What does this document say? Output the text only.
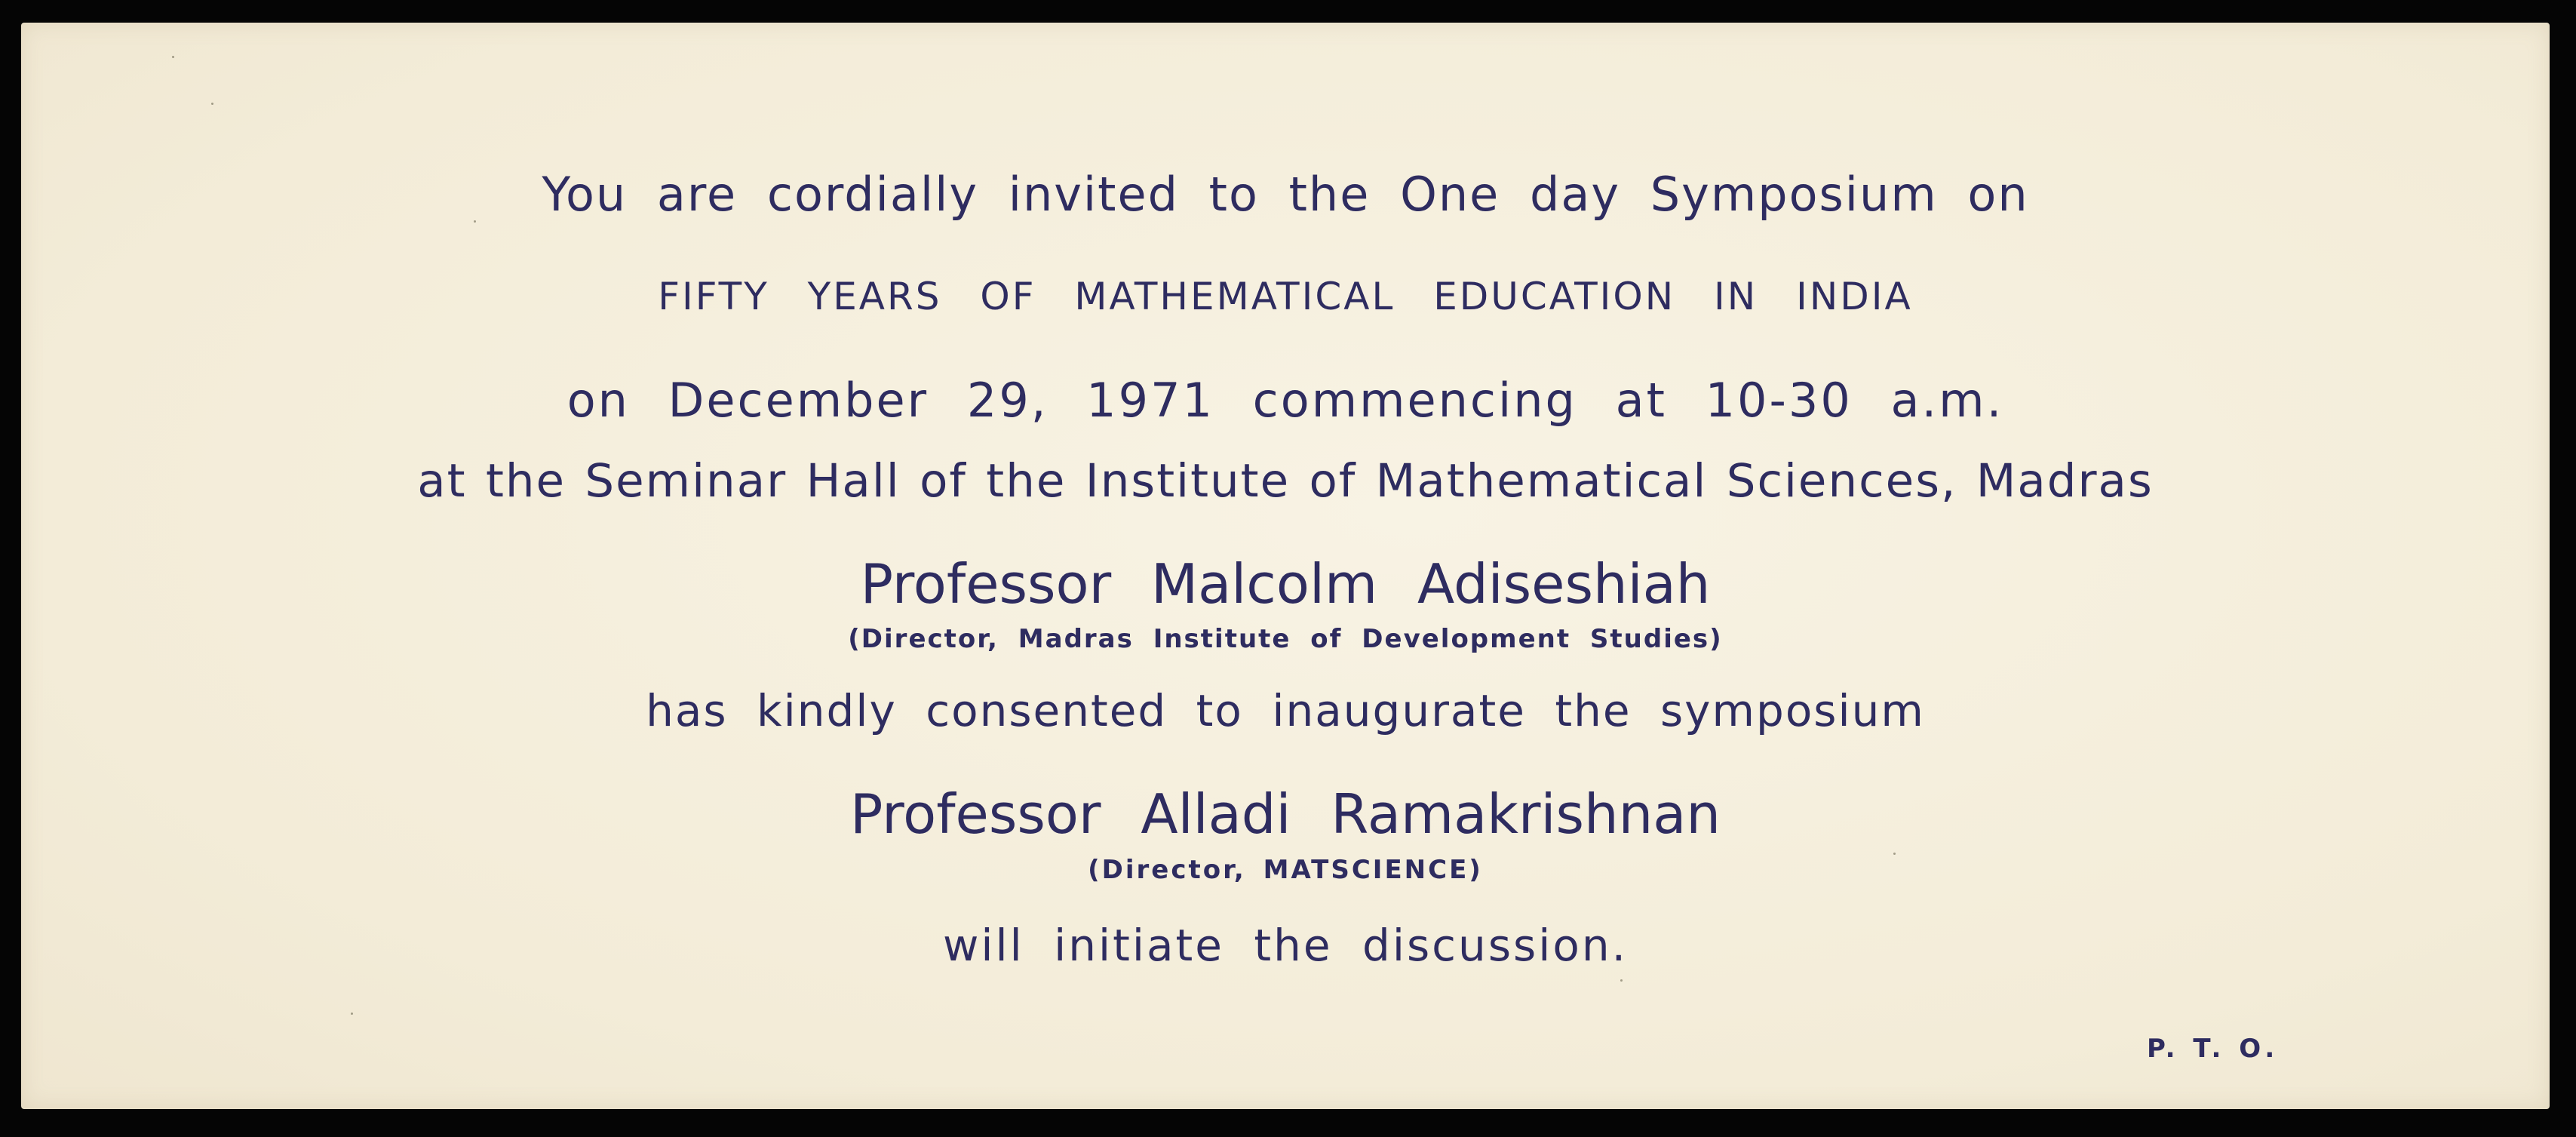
You are cordially invited to the One day Symposium on
FIFTY YEARS OF MATHEMATICAL EDUCATION IN INDIA
on December 29, 1971 commencing at 10-30 a.m.
at the Seminar Hall of the Institute of Mathematical Sciences, Madras
Professor Malcolm Adiseshiah
(Director, Madras Institute of Development Studies)
has kindly consented to inaugurate the symposium
Professor Alladi Ramakrishnan
(Director, MATSCIENCE)
will initiate the discussion.
P. T. O.
